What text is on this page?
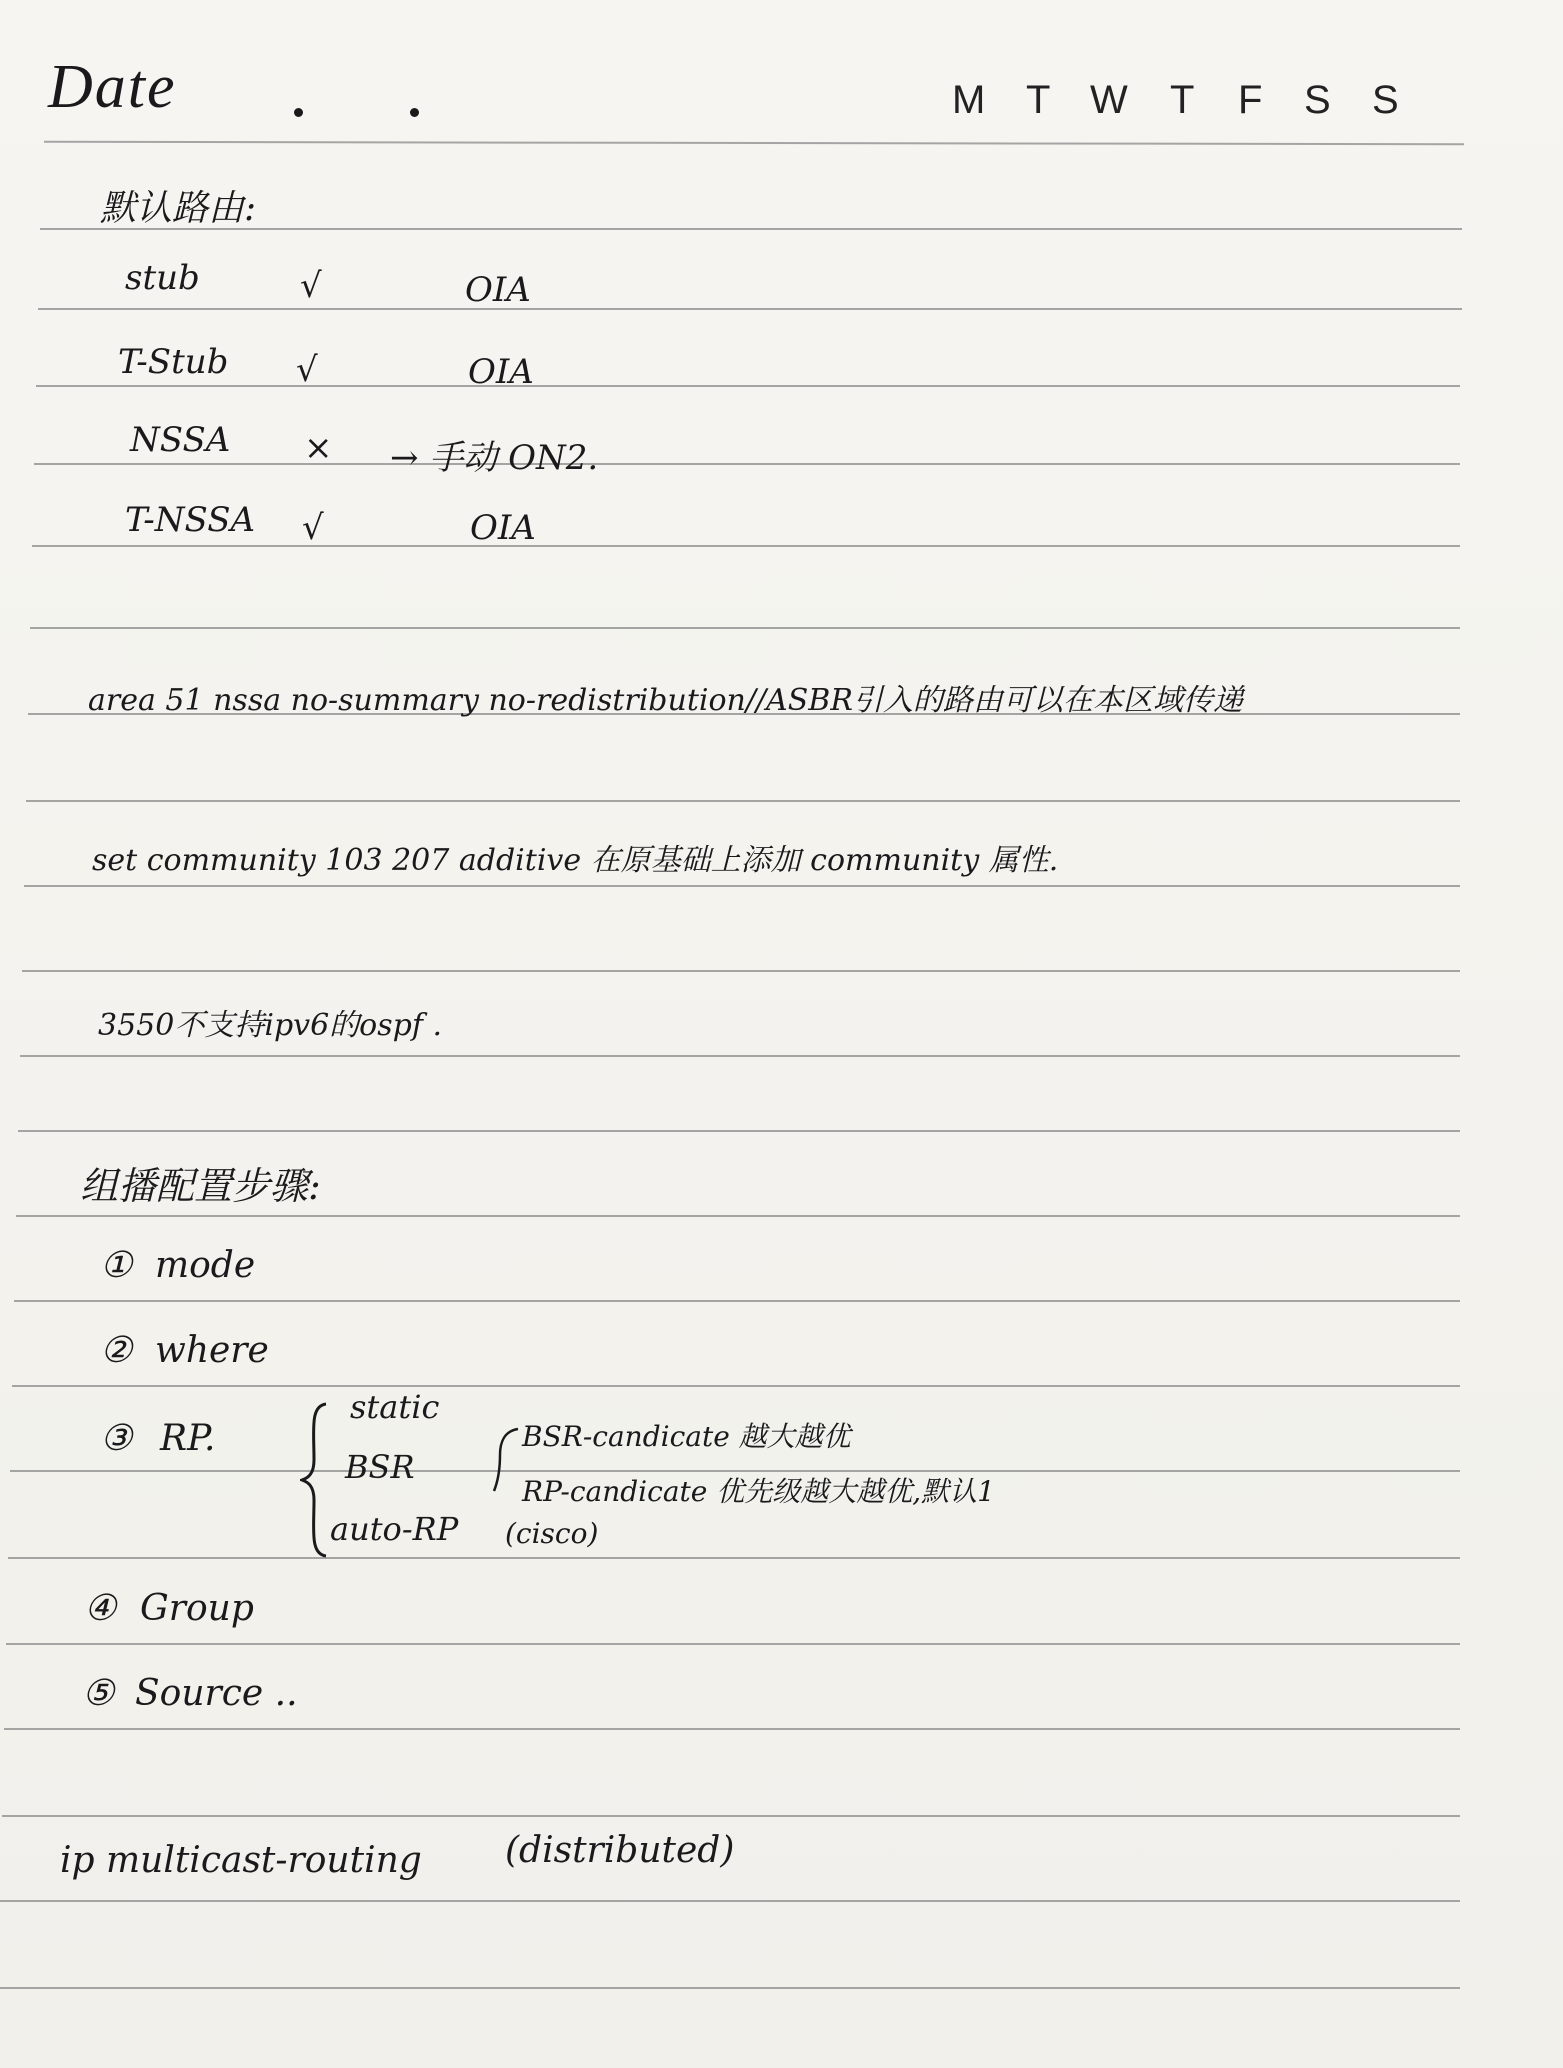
Date	M T W T F S S
默认路由:
stub	√	OIA
T-Stub √	OIA
NSSA × → 手动 ON2.
T-NSSA √	OIA
area 51 nssa no-summary no-redistribution//ASBR引入的路由可以在本区域传递
set community 103 207 additive 在原基础上添加 community 属性.
3550不支持ipv6的ospf .
组播配置步骤:
① mode
② where
③ RP.
static
BSR
auto-RP
BSR-candicate 越大越优
RP-candicate 优先级越大越优,默认1
(cisco)
④ Group
⑤ Source ..
ip multicast-routing (distributed)
